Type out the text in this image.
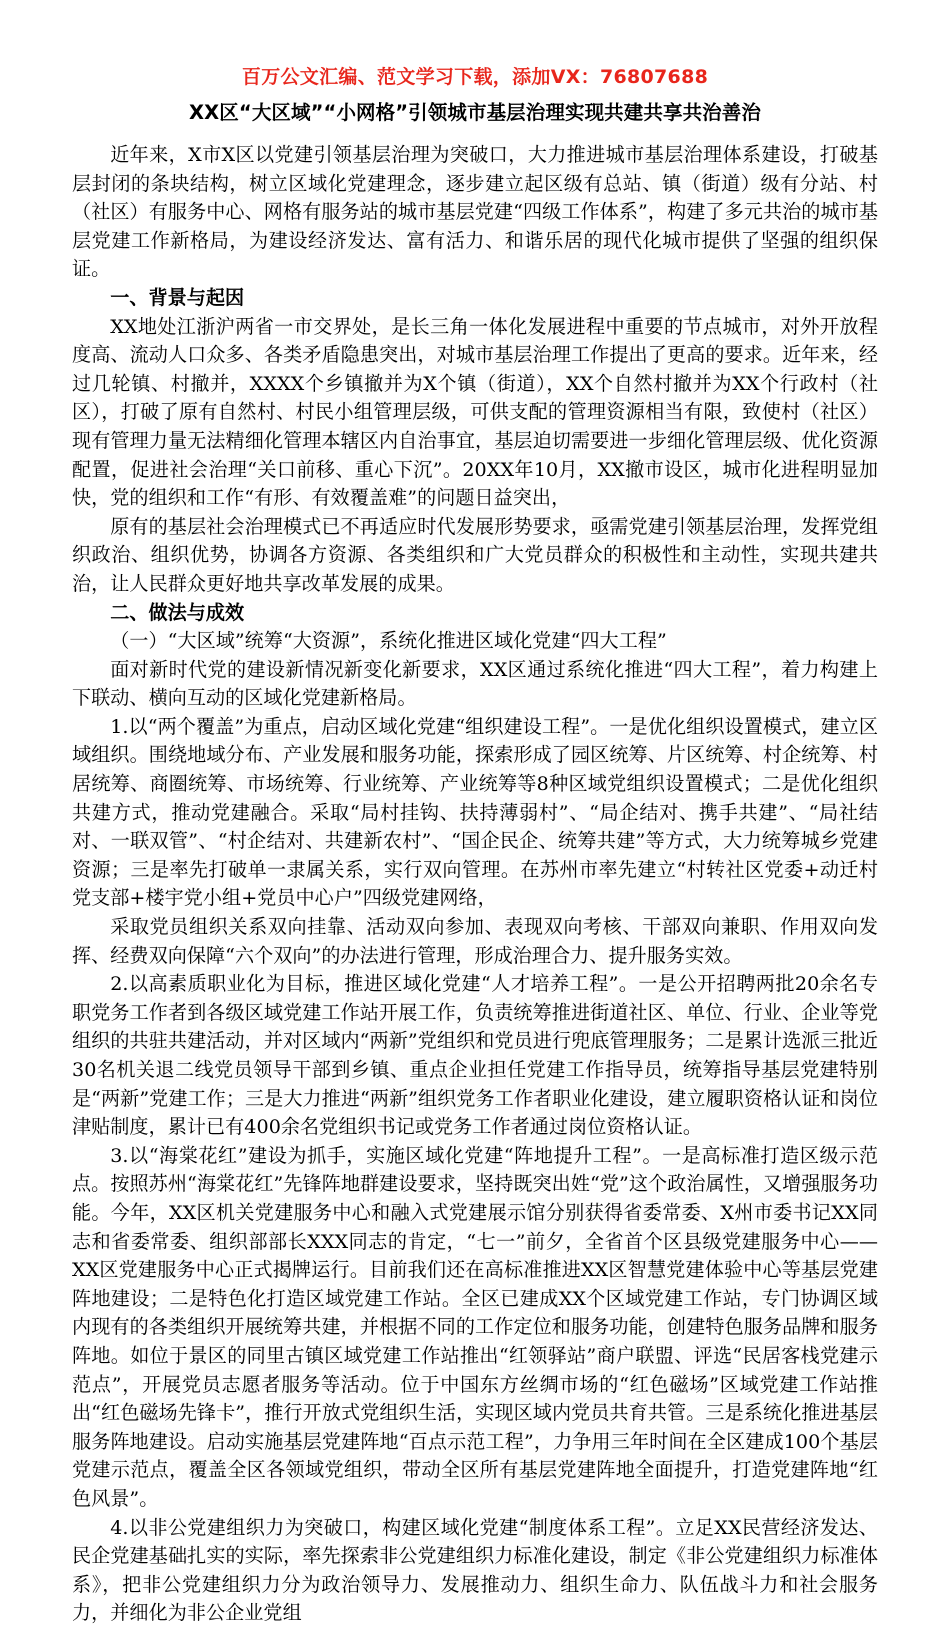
百万公文汇编、范文学习下载，添加VX：76807688
XX区“大区域”“小网格”引领城市基层治理实现共建共享共治善治

近年来，X市X区以党建引领基层治理为突破口，大力推进城市基层治理体系建设，打破基层封闭的条块结构，树立区域化党建理念，逐步建立起区级有总站、镇（街道）级有分站、村（社区）有服务中心、网格有服务站的城市基层党建“四级工作体系”，构建了多元共治的城市基层党建工作新格局，为建设经济发达、富有活力、和谐乐居的现代化城市提供了坚强的组织保证。

一、背景与起因

XX地处江浙沪两省一市交界处，是长三角一体化发展进程中重要的节点城市，对外开放程度高、流动人口众多、各类矛盾隐患突出，对城市基层治理工作提出了更高的要求。近年来，经过几轮镇、村撤并，XXXX个乡镇撤并为X个镇（街道），XX个自然村撤并为XX个行政村（社区），打破了原有自然村、村民小组管理层级，可供支配的管理资源相当有限，致使村（社区）现有管理力量无法精细化管理本辖区内自治事宜，基层迫切需要进一步细化管理层级、优化资源配置，促进社会治理“关口前移、重心下沉”。20XX年10月，XX撤市设区，城市化进程明显加快，党的组织和工作“有形、有效覆盖难”的问题日益突出，

原有的基层社会治理模式已不再适应时代发展形势要求，亟需党建引领基层治理，发挥党组织政治、组织优势，协调各方资源、各类组织和广大党员群众的积极性和主动性，实现共建共治，让人民群众更好地共享改革发展的成果。

二、做法与成效

（一）“大区域”统筹“大资源”，系统化推进区域化党建“四大工程”

面对新时代党的建设新情况新变化新要求，XX区通过系统化推进“四大工程”，着力构建上下联动、横向互动的区域化党建新格局。

1.以“两个覆盖”为重点，启动区域化党建“组织建设工程”。一是优化组织设置模式，建立区域组织。围绕地域分布、产业发展和服务功能，探索形成了园区统筹、片区统筹、村企统筹、村居统筹、商圈统筹、市场统筹、行业统筹、产业统筹等8种区域党组织设置模式；二是优化组织共建方式，推动党建融合。采取“局村挂钩、扶持薄弱村”、“局企结对、携手共建”、“局社结对、一联双管”、“村企结对、共建新农村”、“国企民企、统筹共建”等方式，大力统筹城乡党建资源；三是率先打破单一隶属关系，实行双向管理。在苏州市率先建立“村转社区党委+动迁村党支部+楼宇党小组+党员中心户”四级党建网络，

采取党员组织关系双向挂靠、活动双向参加、表现双向考核、干部双向兼职、作用双向发挥、经费双向保障“六个双向”的办法进行管理，形成治理合力、提升服务实效。

2.以高素质职业化为目标，推进区域化党建“人才培养工程”。一是公开招聘两批20余名专职党务工作者到各级区域党建工作站开展工作，负责统筹推进街道社区、单位、行业、企业等党组织的共驻共建活动，并对区域内“两新”党组织和党员进行兜底管理服务；二是累计选派三批近30名机关退二线党员领导干部到乡镇、重点企业担任党建工作指导员，统筹指导基层党建特别是“两新”党建工作；三是大力推进“两新”组织党务工作者职业化建设，建立履职资格认证和岗位津贴制度，累计已有400余名党组织书记或党务工作者通过岗位资格认证。

3.以“海棠花红”建设为抓手，实施区域化党建“阵地提升工程”。一是高标准打造区级示范点。按照苏州“海棠花红”先锋阵地群建设要求，坚持既突出姓“党”这个政治属性，又增强服务功能。今年，XX区机关党建服务中心和融入式党建展示馆分别获得省委常委、X州市委书记XX同志和省委常委、组织部部长XXX同志的肯定，“七一”前夕，全省首个区县级党建服务中心——XX区党建服务中心正式揭牌运行。目前我们还在高标准推进XX区智慧党建体验中心等基层党建阵地建设；二是特色化打造区域党建工作站。全区已建成XX个区域党建工作站，专门协调区域内现有的各类组织开展统筹共建，并根据不同的工作定位和服务功能，创建特色服务品牌和服务阵地。如位于景区的同里古镇区域党建工作站推出“红领驿站”商户联盟、评选“民居客栈党建示范点”，开展党员志愿者服务等活动。位于中国东方丝绸市场的“红色磁场”区域党建工作站推出“红色磁场先锋卡”，推行开放式党组织生活，实现区域内党员共育共管。三是系统化推进基层服务阵地建设。启动实施基层党建阵地“百点示范工程”，力争用三年时间在全区建成100个基层党建示范点，覆盖全区各领域党组织，带动全区所有基层党建阵地全面提升，打造党建阵地“红色风景”。

4.以非公党建组织力为突破口，构建区域化党建“制度体系工程”。立足XX民营经济发达、民企党建基础扎实的实际，率先探索非公党建组织力标准化建设，制定《非公党建组织力标准体系》，把非公党建组织力分为政治领导力、发展推动力、组织生命力、队伍战斗力和社会服务力，并细化为非公企业党组
